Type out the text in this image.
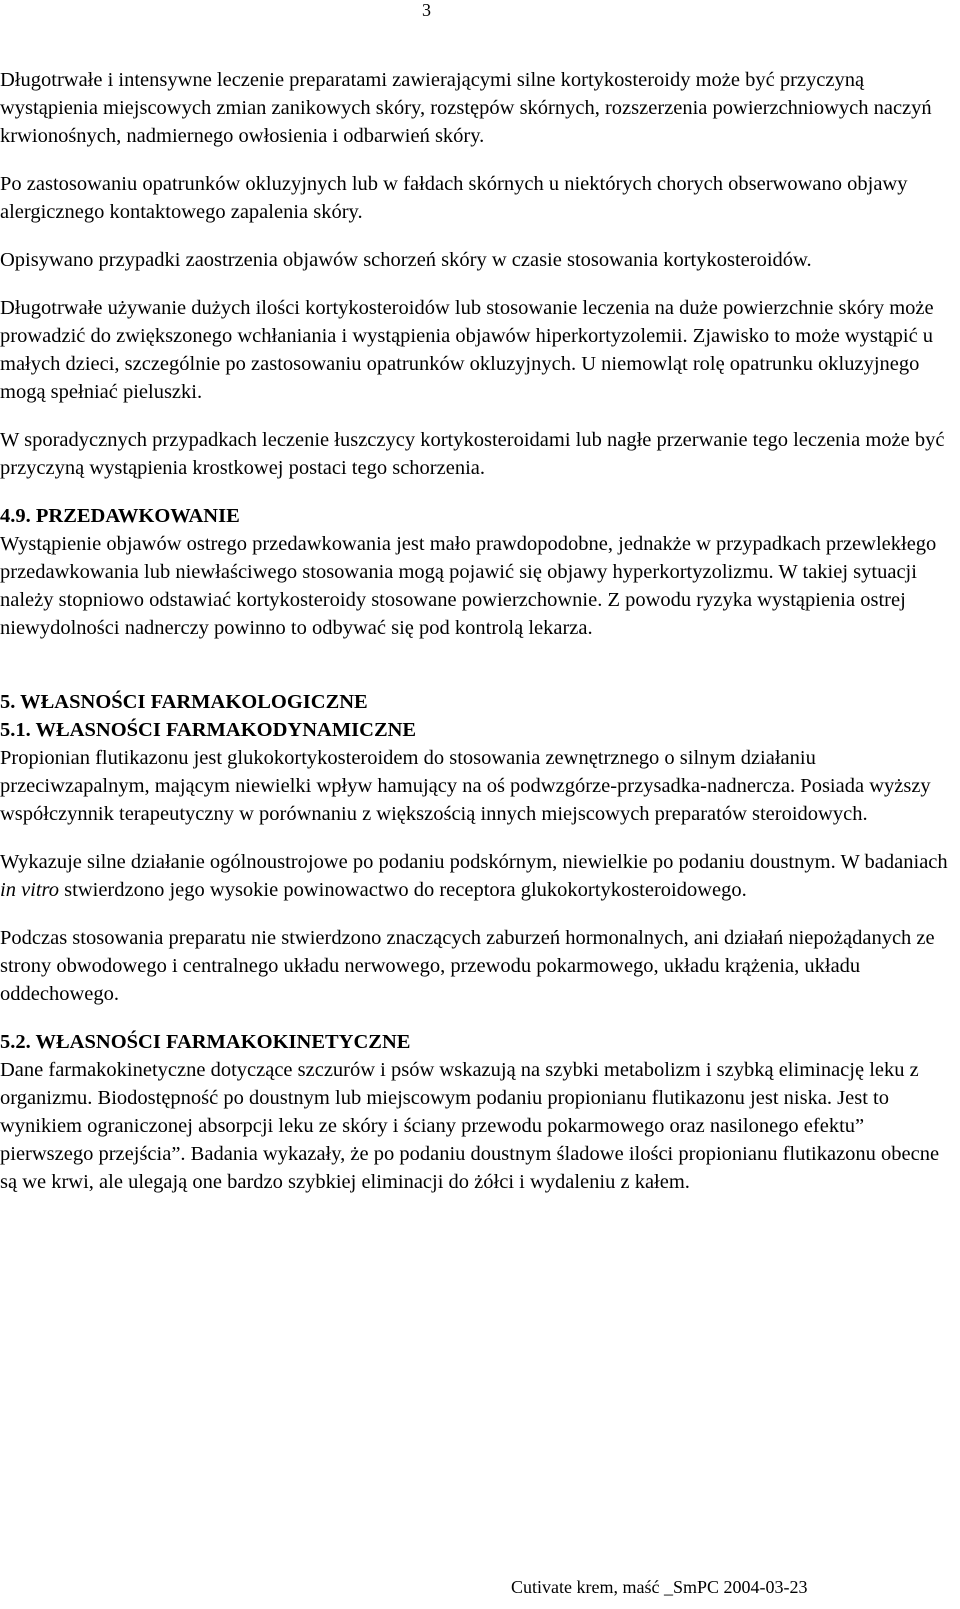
3

Długotrwałe i intensywne leczenie preparatami zawierającymi silne kortykosteroidy może być przyczyną wystąpienia miejscowych zmian zanikowych skóry, rozstępów skórnych, rozszerzenia powierzchniowych naczyń krwionośnych, nadmiernego owłosienia i odbarwień skóry.

Po zastosowaniu opatrunków okluzyjnych lub w fałdach skórnych u niektórych chorych obserwowano objawy alergicznego kontaktowego zapalenia skóry.

Opisywano przypadki zaostrzenia objawów schorzeń skóry w czasie stosowania kortykosteroidów.

Długotrwałe używanie dużych ilości kortykosteroidów lub stosowanie leczenia na duże powierzchnie skóry może prowadzić do zwiększonego wchłaniania i wystąpienia objawów hiperkortyzolemii. Zjawisko to może wystąpić u małych dzieci, szczególnie po zastosowaniu opatrunków okluzyjnych. U niemowląt rolę opatrunku okluzyjnego mogą spełniać pieluszki.

W sporadycznych przypadkach leczenie łuszczycy kortykosteroidami lub nagłe przerwanie tego leczenia może być przyczyną wystąpienia krostkowej postaci tego schorzenia.

4.9. PRZEDAWKOWANIE

Wystąpienie objawów ostrego przedawkowania jest mało prawdopodobne, jednakże w przypadkach przewlekłego przedawkowania lub niewłaściwego stosowania mogą pojawić się objawy hyperkortyzolizmu. W takiej sytuacji należy stopniowo odstawiać kortykosteroidy stosowane powierzchownie. Z powodu ryzyka wystąpienia ostrej niewydolności nadnerczy powinno to odbywać się pod kontrolą lekarza.

5. WŁASNOŚCI FARMAKOLOGICZNE

5.1. WŁASNOŚCI FARMAKODYNAMICZNE

Propionian flutikazonu jest glukokortykosteroidem do stosowania zewnętrznego o silnym działaniu przeciwzapalnym, mającym niewielki wpływ hamujący na oś podwzgórze-przysadka-nadnercza. Posiada wyższy współczynnik terapeutyczny w porównaniu z większością innych miejscowych preparatów steroidowych.

Wykazuje silne działanie ogólnoustrojowe po podaniu podskórnym, niewielkie po podaniu doustnym. W badaniach in vitro stwierdzono jego wysokie powinowactwo do receptora glukokortykosteroidowego.

Podczas stosowania preparatu nie stwierdzono znaczących zaburzeń hormonalnych, ani działań niepożądanych ze strony obwodowego i centralnego układu nerwowego, przewodu pokarmowego, układu krążenia, układu oddechowego.

5.2. WŁASNOŚCI FARMAKOKINETYCZNE

Dane farmakokinetyczne dotyczące szczurów i psów wskazują na szybki metabolizm i szybką eliminację leku z organizmu. Biodostępność po doustnym lub miejscowym podaniu propionianu flutikazonu jest niska. Jest to wynikiem ograniczonej absorpcji leku ze skóry i ściany przewodu pokarmowego oraz nasilonego efektu” pierwszego przejścia”. Badania wykazały, że po podaniu doustnym śladowe ilości propionianu flutikazonu obecne są we krwi, ale ulegają one bardzo szybkiej eliminacji do żółci i wydaleniu z kałem.

Cutivate krem, maść _SmPC 2004-03-23
